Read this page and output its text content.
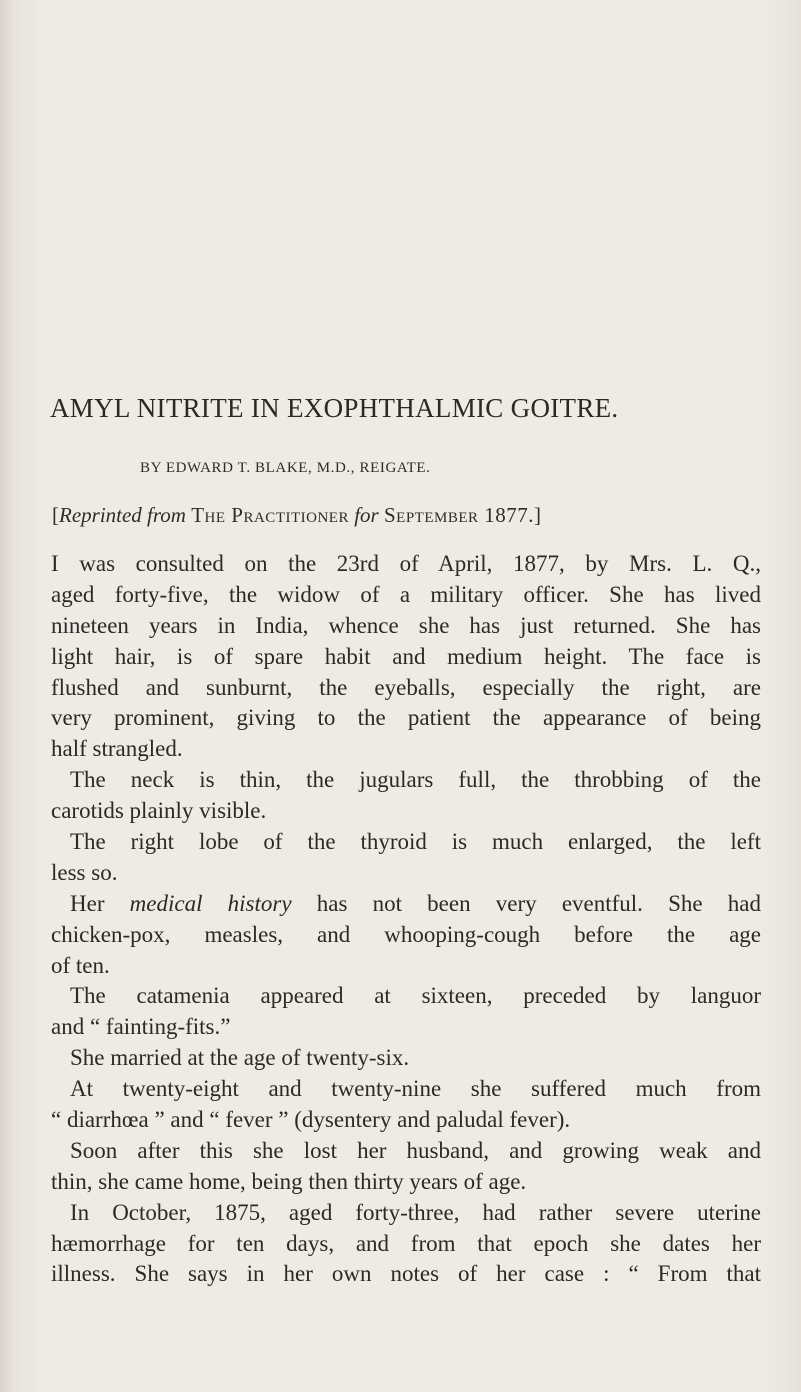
AMYL NITRITE IN EXOPHTHALMIC GOITRE.
BY EDWARD T. BLAKE, M.D., REIGATE.
[Reprinted from The Practitioner for September 1877.]
I was consulted on the 23rd of April, 1877, by Mrs. L. Q.,
aged forty-five, the widow of a military officer. She has lived
nineteen years in India, whence she has just returned. She has
light hair, is of spare habit and medium height. The face is
flushed and sunburnt, the eyeballs, especially the right, are
very prominent, giving to the patient the appearance of being
half strangled.
The neck is thin, the jugulars full, the throbbing of the
carotids plainly visible.
The right lobe of the thyroid is much enlarged, the left
less so.
Her medical history has not been very eventful. She had
chicken-pox, measles, and whooping-cough before the age
of ten.
The catamenia appeared at sixteen, preceded by languor
and “ fainting-fits.”
She married at the age of twenty-six.
At twenty-eight and twenty-nine she suffered much from
“ diarrhœa ” and “ fever ” (dysentery and paludal fever).
Soon after this she lost her husband, and growing weak and
thin, she came home, being then thirty years of age.
In October, 1875, aged forty-three, had rather severe uterine
hæmorrhage for ten days, and from that epoch she dates her
illness. She says in her own notes of her case : “ From that
